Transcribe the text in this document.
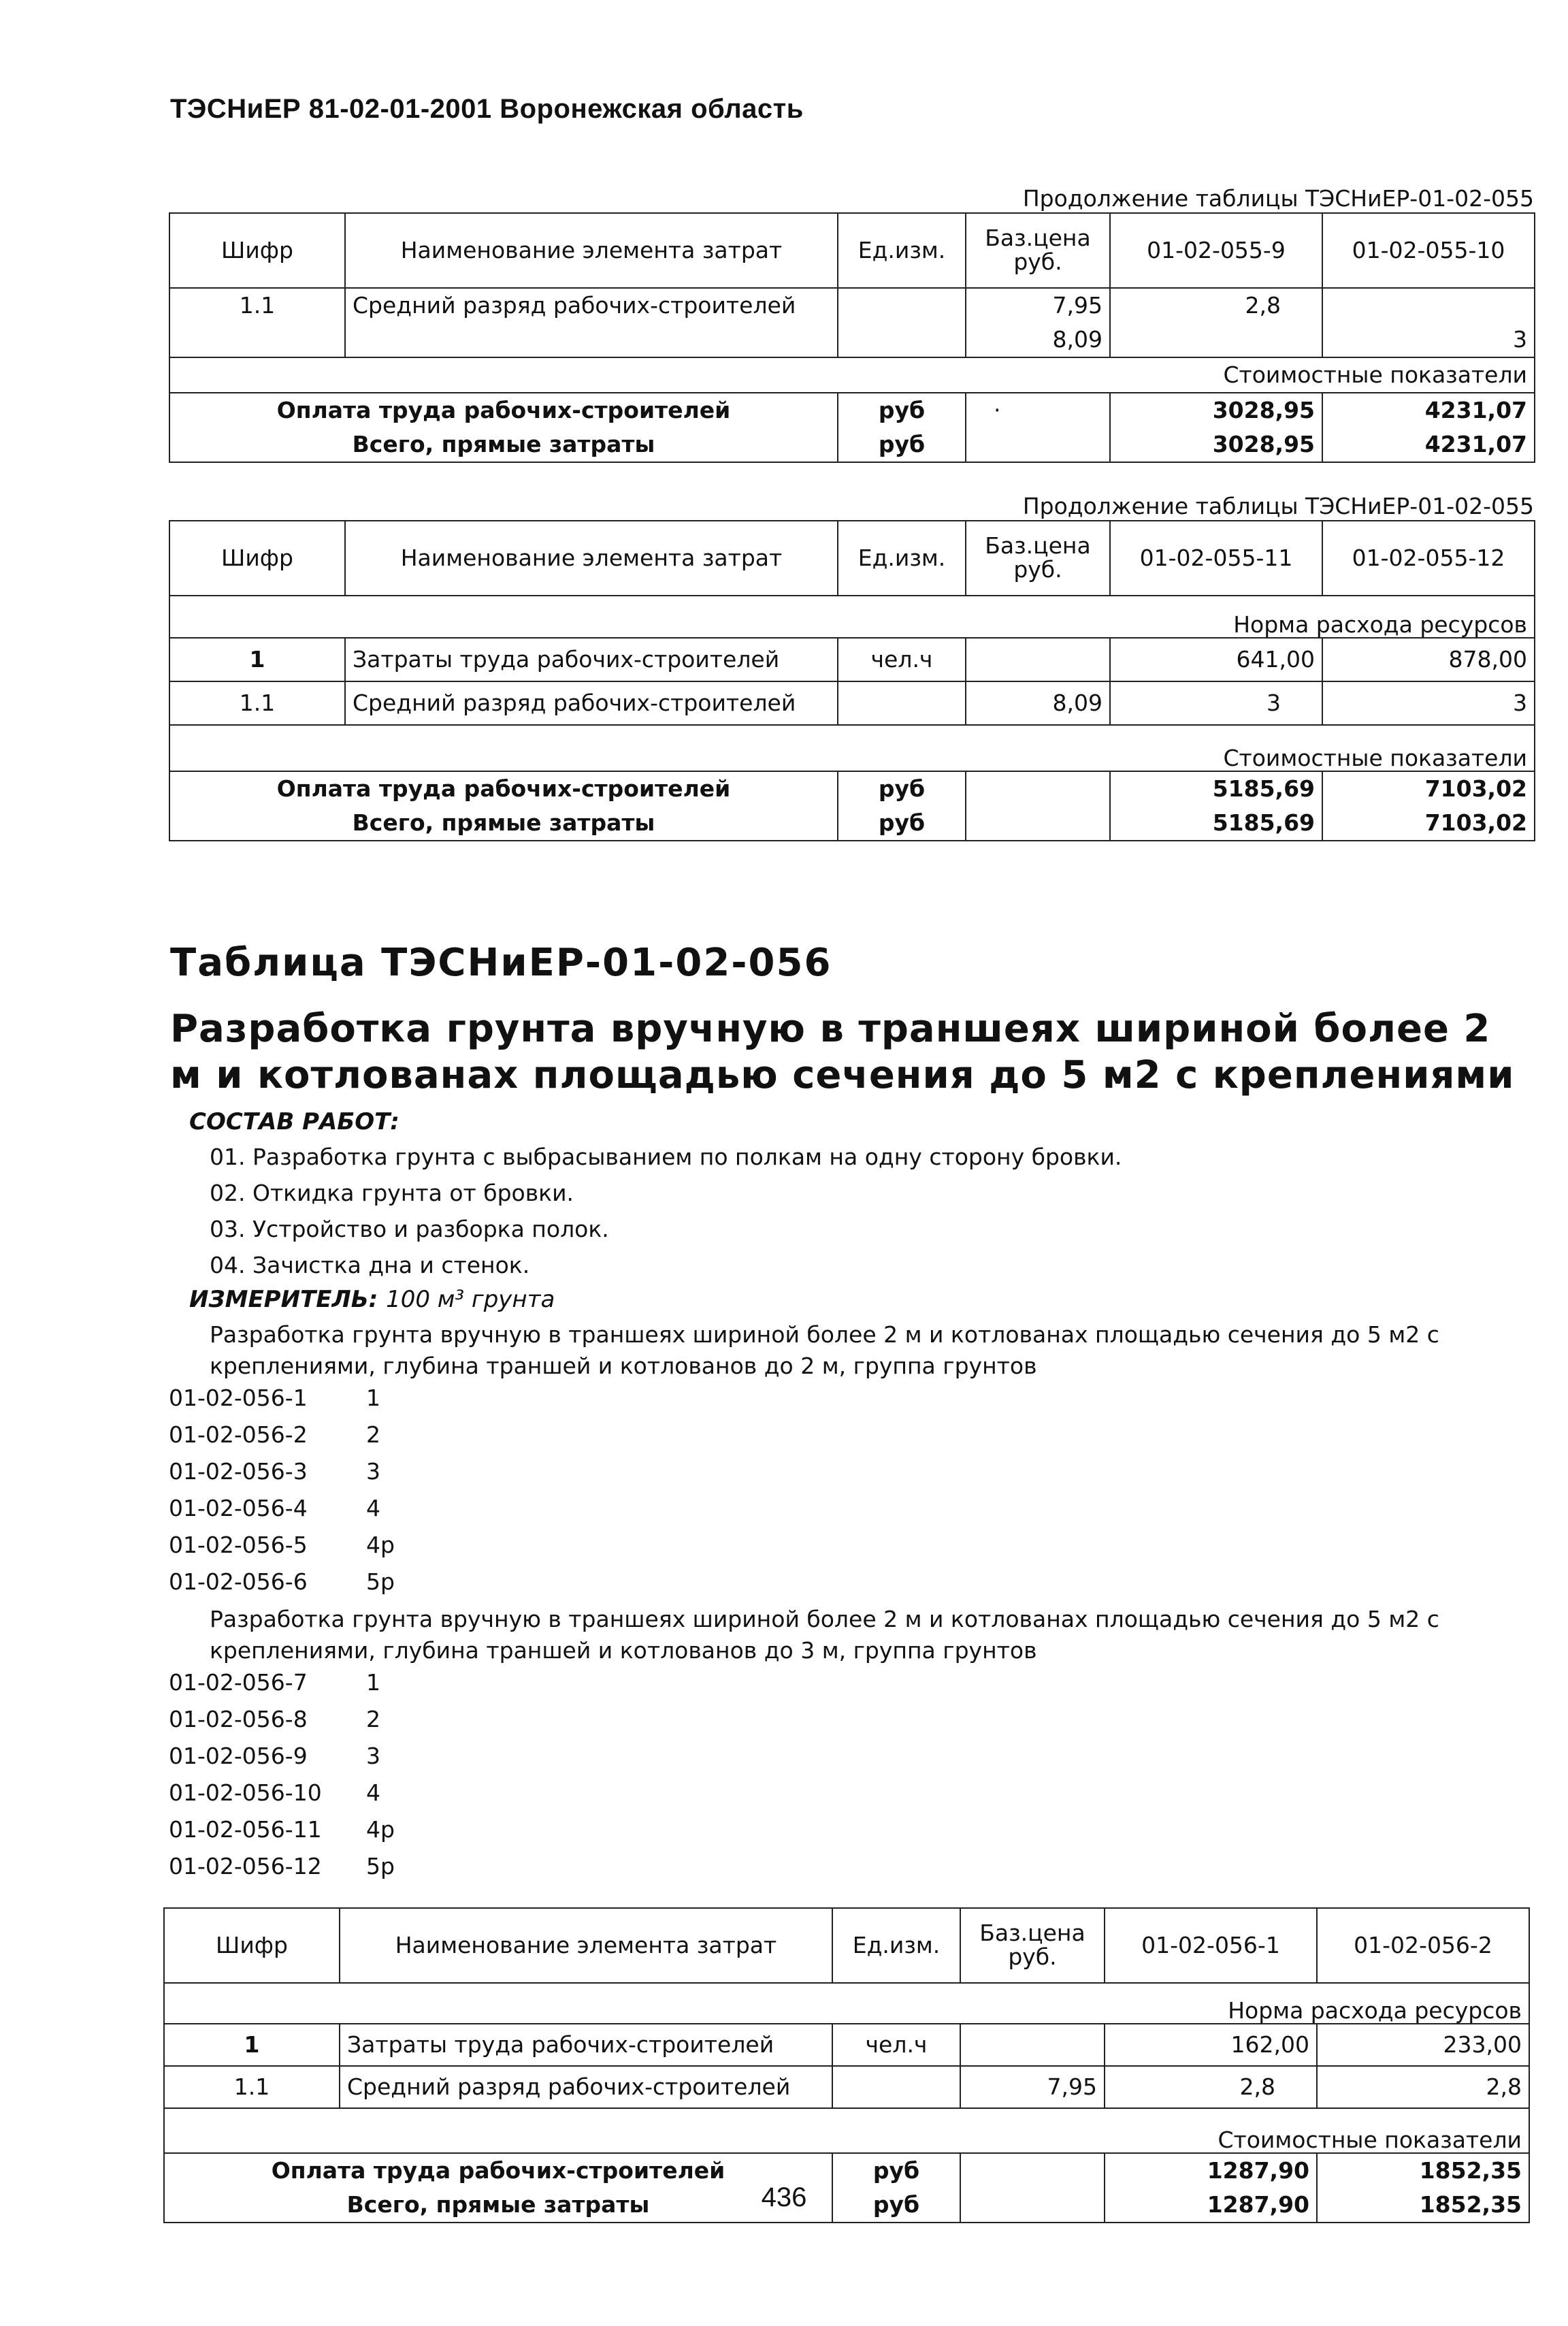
ТЭСНиЕР 81-02-01-2001 Воронежская область
Продолжение таблицы ТЭСНиЕР-01-02-055
Шифр	Наименование элемента затрат	Ед.изм.	Баз.цена руб.	01-02-055-9	01-02-055-10
1.1	Средний разряд рабочих-строителей		7,95	2,8	
			8,09		3
Стоимостные показатели					
Оплата труда рабочих-строителей		руб	·	3028,95	4231,07
Всего, прямые затраты		руб		3028,95	4231,07
Продолжение таблицы ТЭСНиЕР-01-02-055
Шифр	Наименование элемента затрат	Ед.изм.	Баз.цена руб.	01-02-055-11	01-02-055-12
Норма расхода ресурсов					
1	Затраты труда рабочих-строителей	чел.ч		641,00	878,00
1.1	Средний разряд рабочих-строителей		8,09	3	3
Стоимостные показатели					
Оплата труда рабочих-строителей		руб		5185,69	7103,02
Всего, прямые затраты		руб		5185,69	7103,02
Таблица ТЭСНиЕР-01-02-056
Разработка грунта вручную в траншеях шириной более 2 м и котлованах площадью сечения до 5 м2 с креплениями
СОСТАВ РАБОТ:
01. Разработка грунта с выбрасыванием по полкам на одну сторону бровки.
02. Откидка грунта от бровки.
03. Устройство и разборка полок.
04. Зачистка дна и стенок.
ИЗМЕРИТЕЛЬ: 100 м³ грунта
Разработка грунта вручную в траншеях шириной более 2 м и котлованах площадью сечения до 5 м2 с креплениями, глубина траншей и котлованов до 2 м, группа грунтов
01-02-056-1	1
01-02-056-2	2
01-02-056-3	3
01-02-056-4	4
01-02-056-5	4р
01-02-056-6	5р
Разработка грунта вручную в траншеях шириной более 2 м и котлованах площадью сечения до 5 м2 с креплениями, глубина траншей и котлованов до 3 м, группа грунтов
01-02-056-7	1
01-02-056-8	2
01-02-056-9	3
01-02-056-10 4
01-02-056-11 4р
01-02-056-12 5р
Шифр	Наименование элемента затрат	Ед.изм.	Баз.цена руб.	01-02-056-1	01-02-056-2
Норма расхода ресурсов					
1	Затраты труда рабочих-строителей	чел.ч		162,00	233,00
1.1	Средний разряд рабочих-строителей		7,95	2,8	2,8
Стоимостные показатели					
Оплата труда рабочих-строителей		руб		1287,90	1852,35
Всего, прямые затраты		руб		1287,90	1852,35
436
